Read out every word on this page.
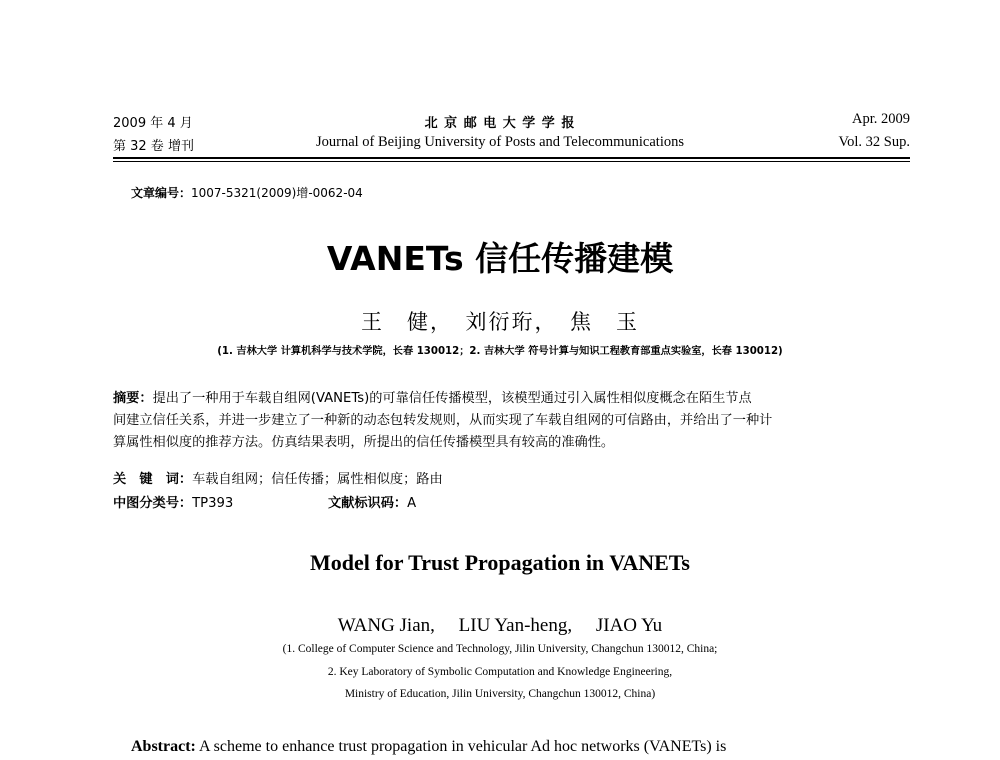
2009 年 4 月
第 32 卷 增刊
北 京 邮 电 大 学 学 报
Journal of Beijing University of Posts and Telecommunications
Apr. 2009
Vol. 32 Sup.
文章编号：1007-5321(2009)增-0062-04
VANETs 信任传播建模
王　健，　刘衍珩，　焦　玉
(1. 吉林大学 计算机科学与技术学院，长春 130012；2. 吉林大学 符号计算与知识工程教育部重点实验室，长春 130012)
摘要：提出了一种用于车载自组网(VANETs)的可靠信任传播模型，该模型通过引入属性相似度概念在陌生节点
间建立信任关系，并进一步建立了一种新的动态包转发规则，从而实现了车载自组网的可信路由，并给出了一种计
算属性相似度的推荐方法。仿真结果表明，所提出的信任传播模型具有较高的准确性。
关　键　词：车载自组网；信任传播；属性相似度；路由
中图分类号：TP393	文献标识码：A
Model for Trust Propagation in VANETs
WANG Jian,　 LIU Yan-heng,　 JIAO Yu
(1. College of Computer Science and Technology, Jilin University, Changchun 130012, China;
2. Key Laboratory of Symbolic Computation and Knowledge Engineering,
Ministry of Education, Jilin University, Changchun 130012, China)
Abstract: A scheme to enhance trust propagation in vehicular Ad hoc networks (VANETs) is
